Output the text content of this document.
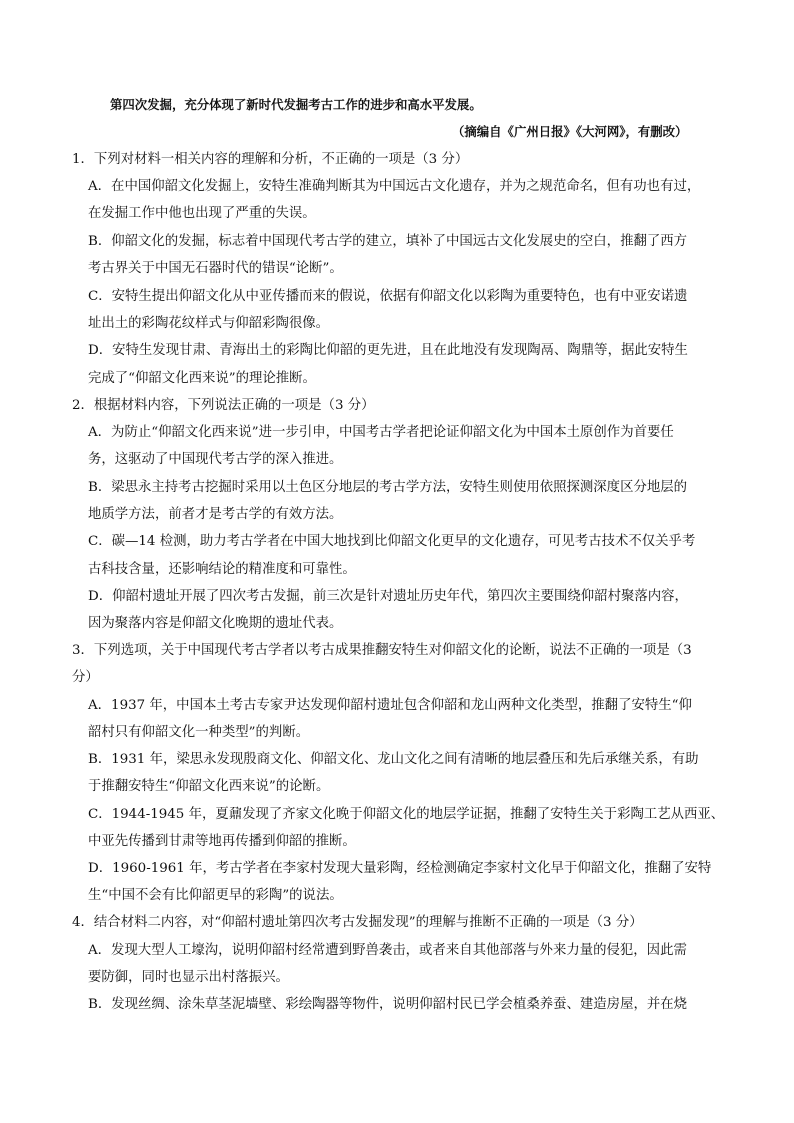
第四次发掘，充分体现了新时代发掘考古工作的进步和高水平发展。
（摘编自《广州日报》《大河网》，有删改）
1．下列对材料一相关内容的理解和分析，不正确的一项是（3 分）
A．在中国仰韶文化发掘上，安特生准确判断其为中国远古文化遗存，并为之规范命名，但有功也有过，
在发掘工作中他也出现了严重的失误。
B．仰韶文化的发掘，标志着中国现代考古学的建立，填补了中国远古文化发展史的空白，推翻了西方
考古界关于中国无石器时代的错误“论断”。
C．安特生提出仰韶文化从中亚传播而来的假说，依据有仰韶文化以彩陶为重要特色，也有中亚安诺遗
址出土的彩陶花纹样式与仰韶彩陶很像。
D．安特生发现甘肃、青海出土的彩陶比仰韶的更先进，且在此地没有发现陶鬲、陶鼎等，据此安特生
完成了“仰韶文化西来说”的理论推断。
2．根据材料内容，下列说法正确的一项是（3 分）
A．为防止“仰韶文化西来说”进一步引申，中国考古学者把论证仰韶文化为中国本土原创作为首要任
务，这驱动了中国现代考古学的深入推进。
B．梁思永主持考古挖掘时采用以土色区分地层的考古学方法，安特生则使用依照探测深度区分地层的
地质学方法，前者才是考古学的有效方法。
C．碳—14 检测，助力考古学者在中国大地找到比仰韶文化更早的文化遗存，可见考古技术不仅关乎考
古科技含量，还影响结论的精准度和可靠性。
D．仰韶村遗址开展了四次考古发掘，前三次是针对遗址历史年代，第四次主要围绕仰韶村聚落内容，
因为聚落内容是仰韶文化晚期的遗址代表。
3．下列选项，关于中国现代考古学者以考古成果推翻安特生对仰韶文化的论断，说法不正确的一项是（3
分）
A．1937 年，中国本土考古专家尹达发现仰韶村遗址包含仰韶和龙山两种文化类型，推翻了安特生“仰
韶村只有仰韶文化一种类型”的判断。
B．1931 年，梁思永发现殷商文化、仰韶文化、龙山文化之间有清晰的地层叠压和先后承继关系，有助
于推翻安特生“仰韶文化西来说”的论断。
C．1944-1945 年，夏鼐发现了齐家文化晚于仰韶文化的地层学证据，推翻了安特生关于彩陶工艺从西亚、
中亚先传播到甘肃等地再传播到仰韶的推断。
D．1960-1961 年，考古学者在李家村发现大量彩陶，经检测确定李家村文化早于仰韶文化，推翻了安特
生“中国不会有比仰韶更早的彩陶”的说法。
4．结合材料二内容，对“仰韶村遗址第四次考古发掘发现”的理解与推断不正确的一项是（3 分）
A．发现大型人工壕沟，说明仰韶村经常遭到野兽袭击，或者来自其他部落与外来力量的侵犯，因此需
要防御，同时也显示出村落振兴。
B．发现丝绸、涂朱草茎泥墙壁、彩绘陶器等物件，说明仰韶村民已学会植桑养蚕、建造房屋，并在烧
